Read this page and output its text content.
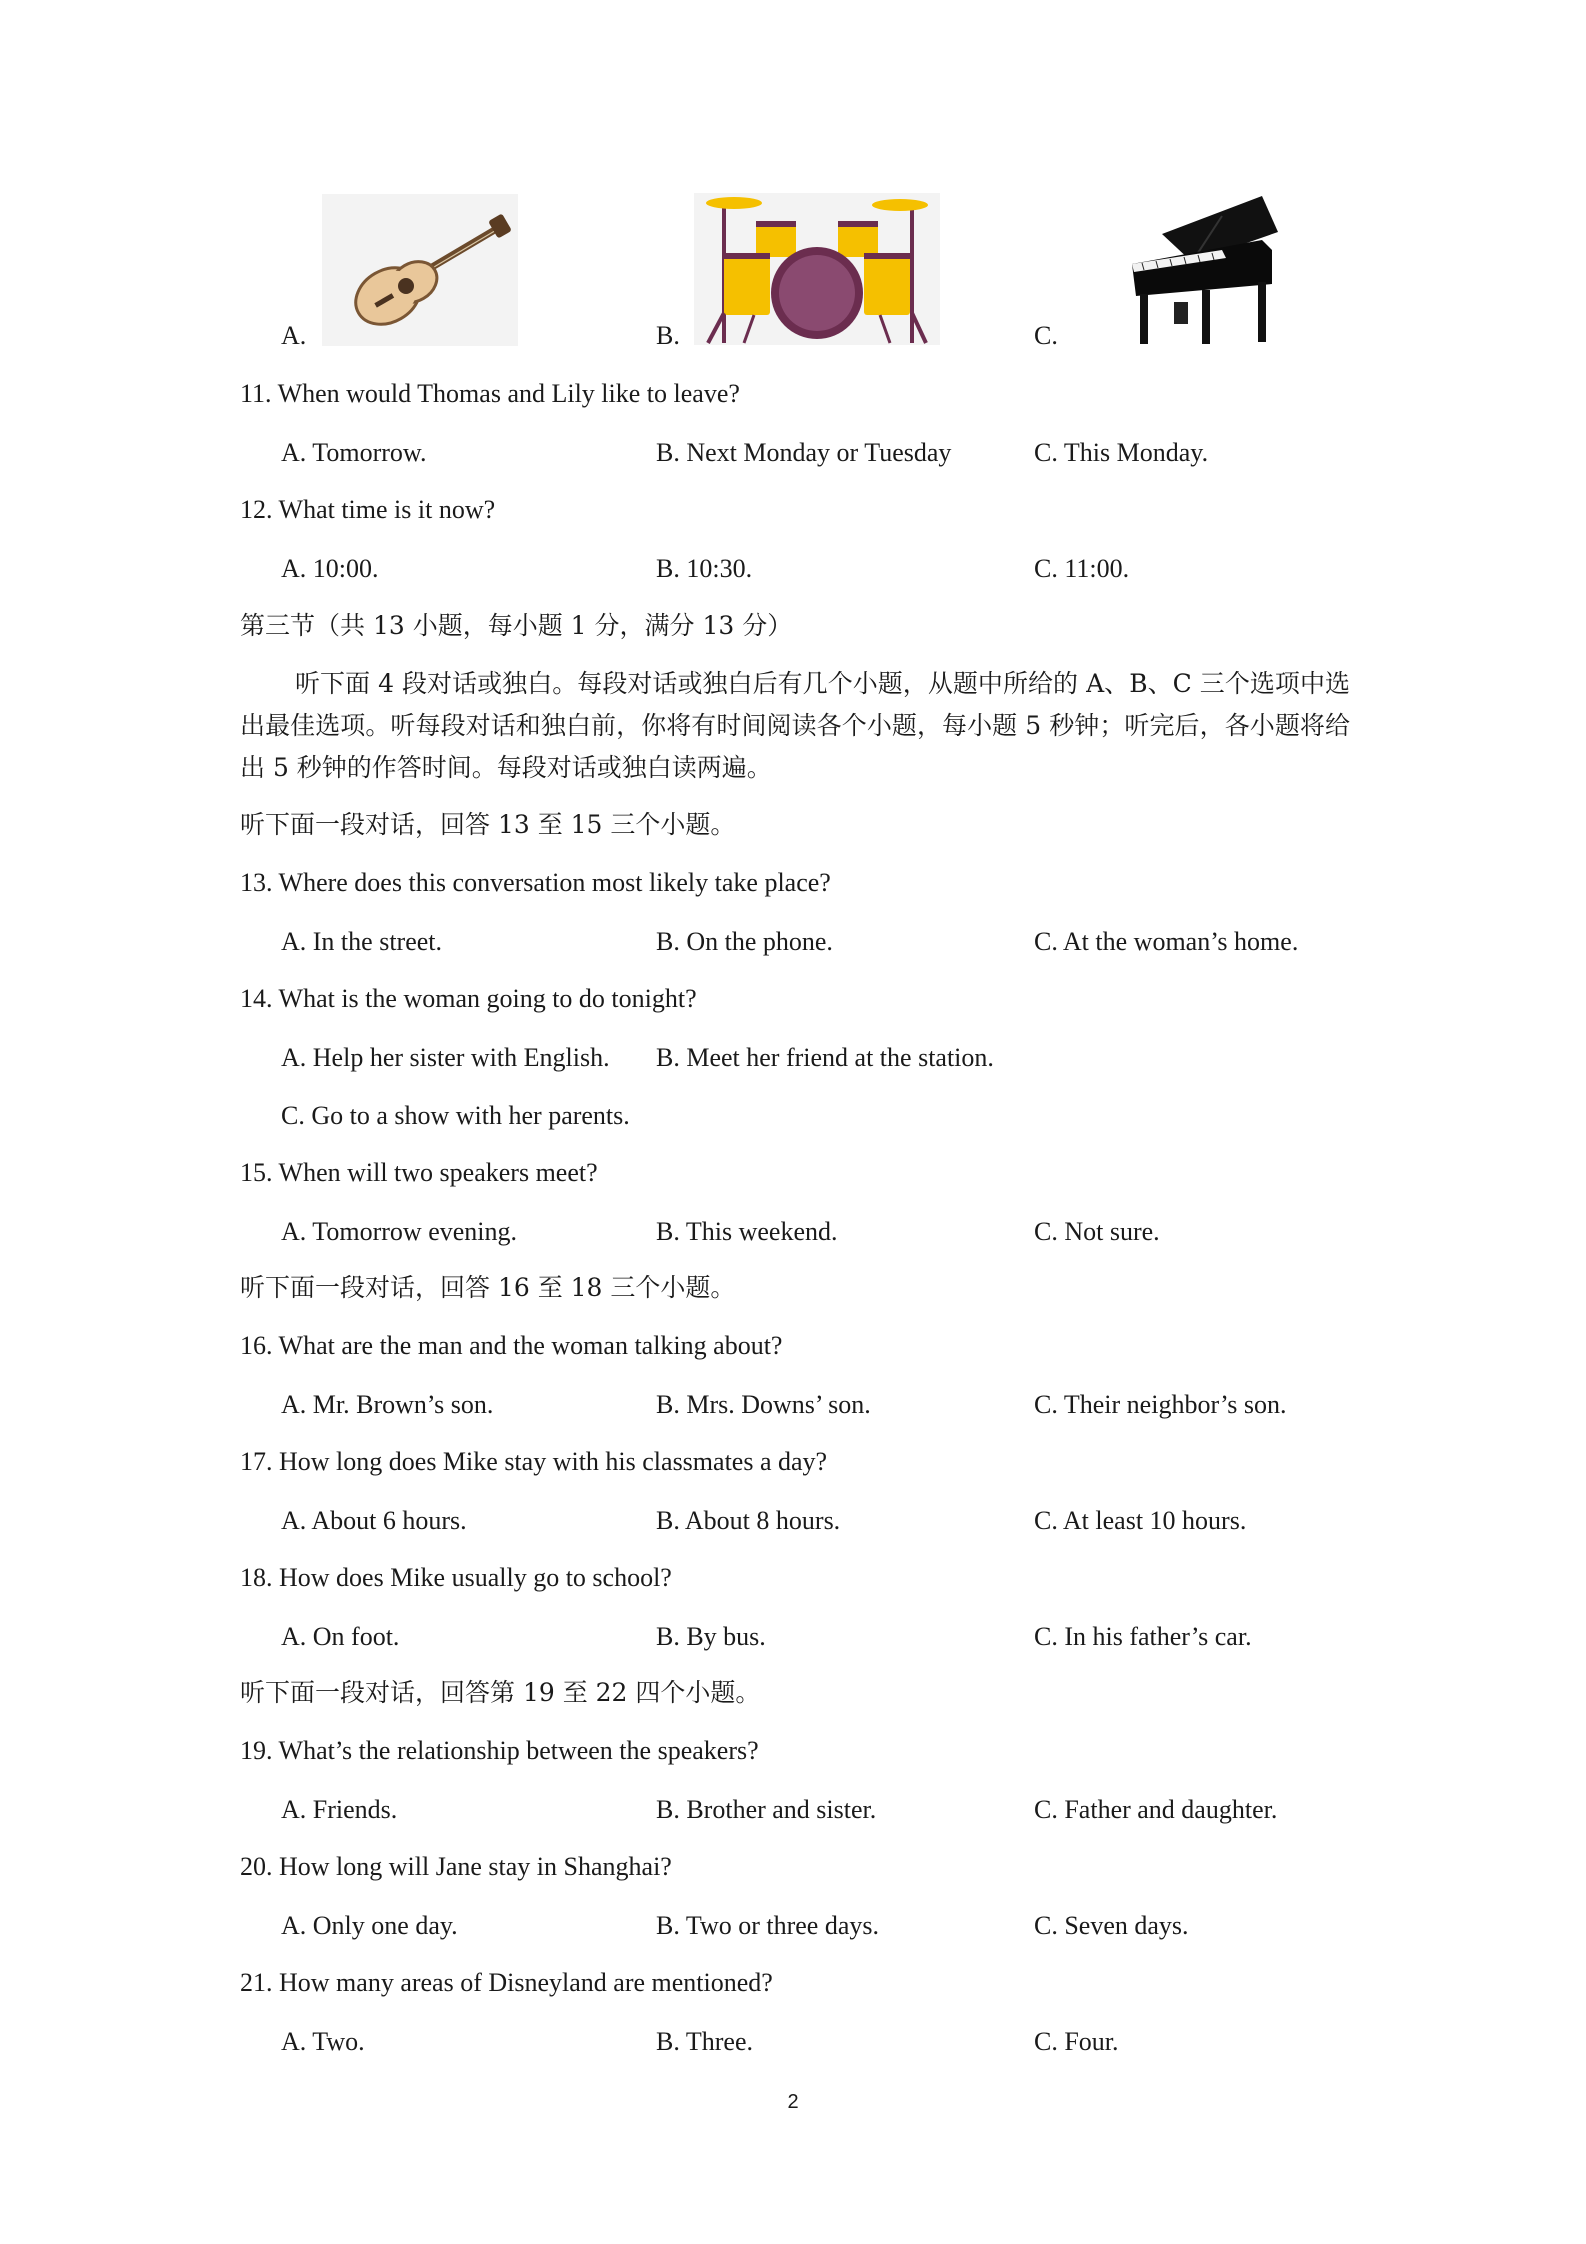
A.	B.	C.
11. When would Thomas and Lily like to leave?
A. Tomorrow.	B. Next Monday or Tuesday	C. This Monday.
12. What time is it now?
A. 10:00.	B. 10:30.	C. 11:00.
第三节（共 13 小题，每小题 1 分，满分 13 分）
听下面 4 段对话或独白。每段对话或独白后有几个小题，从题中所给的 A、B、C 三个选项中选出最佳选项。听每段对话和独白前，你将有时间阅读各个小题，每小题 5 秒钟；听完后，各小题将给出 5 秒钟的作答时间。每段对话或独白读两遍。
听下面一段对话，回答 13 至 15 三个小题。
13. Where does this conversation most likely take place?
A. In the street.	B. On the phone.	C. At the woman’s home.
14. What is the woman going to do tonight?
A. Help her sister with English. B. Meet her friend at the station.
C. Go to a show with her parents.
15. When will two speakers meet?
A. Tomorrow evening.	B. This weekend.	C. Not sure.
听下面一段对话，回答 16 至 18 三个小题。
16. What are the man and the woman talking about?
A. Mr. Brown’s son.	B. Mrs. Downs’ son.	C. Their neighbor’s son.
17. How long does Mike stay with his classmates a day?
A. About 6 hours.	B. About 8 hours.	C. At least 10 hours.
18. How does Mike usually go to school?
A. On foot.	B. By bus.	C. In his father’s car.
听下面一段对话，回答第 19 至 22 四个小题。
19. What’s the relationship between the speakers?
A. Friends.	B. Brother and sister.	C. Father and daughter.
20. How long will Jane stay in Shanghai?
A. Only one day.	B. Two or three days.	C. Seven days.
21. How many areas of Disneyland are mentioned?
A. Two.	B. Three.	C. Four.
2
